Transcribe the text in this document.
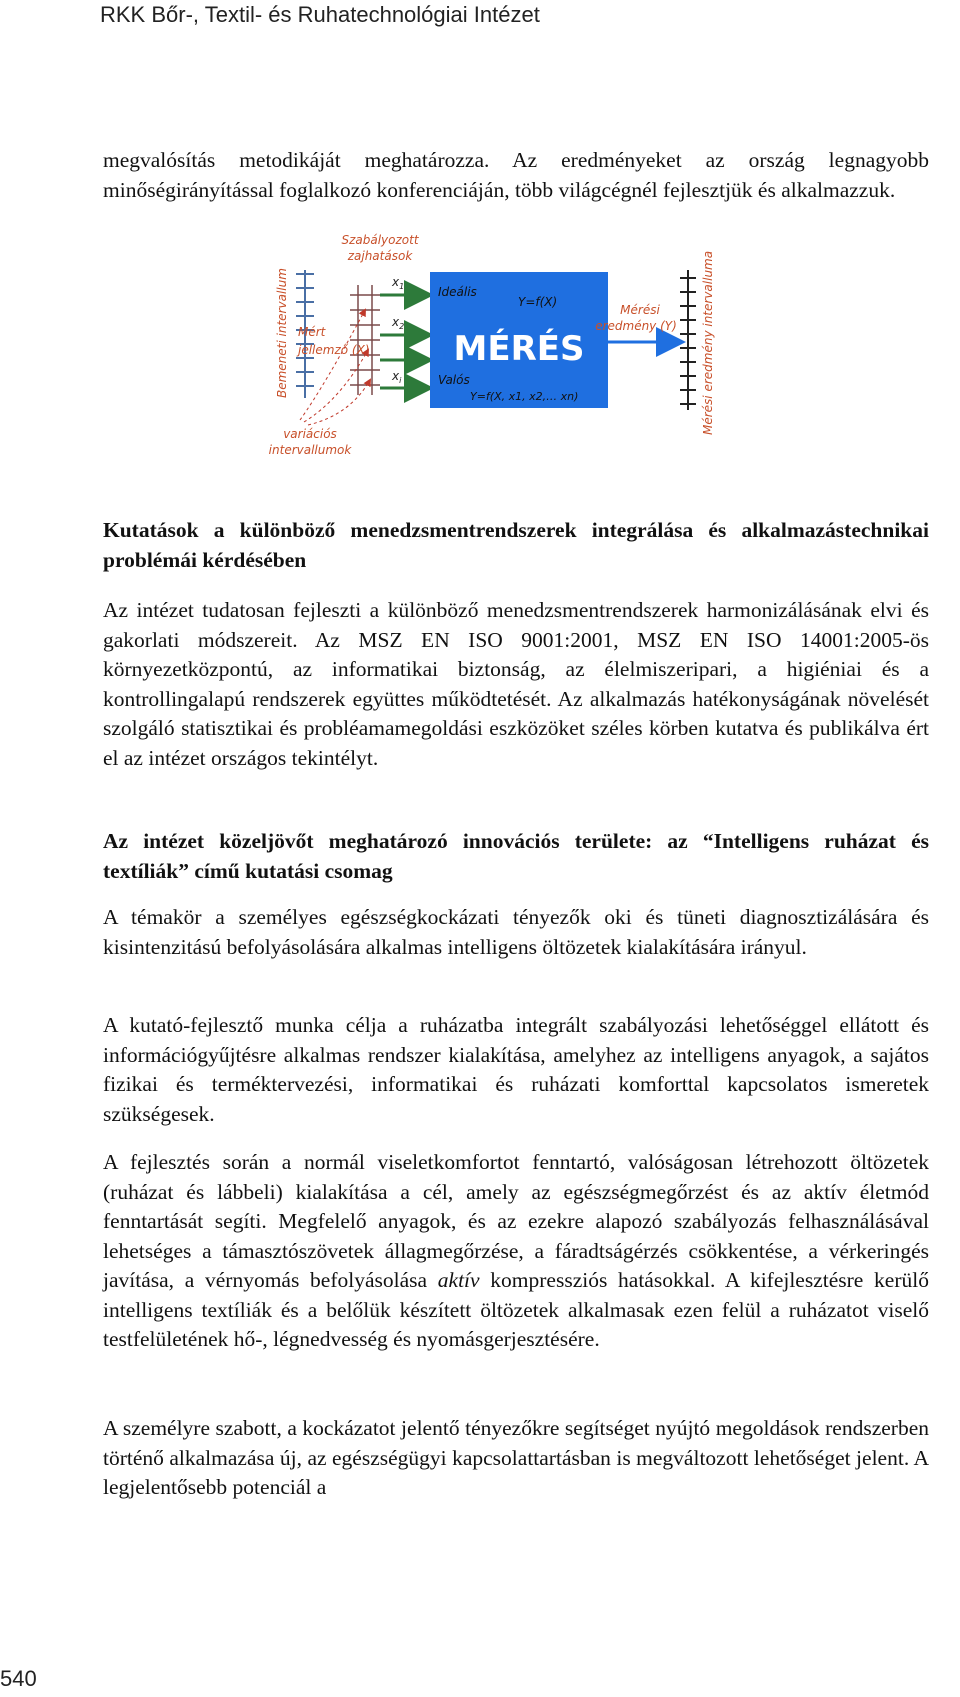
RKK Bőr-, Textil- és Ruhatechnológiai Intézet

megvalósítás metodikáját meghatározza. Az eredményeket az ország legnagyobb minőségirányítással foglalkozó konferenciáján, több világcégnél fejlesztjük és alkalmazzuk.

Bemeneti intervallum
Szabályozott
zajhatások
$x_1$
$x_2$
$x_i$
Mért
jellemző (X)
variációs
intervallumok
Ideális
Y=f(X)
MÉRÉS
Valós
Y=f(X, x1, x2,… xn)
Mérési
eredmény (Y) Mérési eredmény intervalluma

Kutatások a különböző menedzsmentrendszerek integrálása és alkalmazástechnikai problémái kérdésében

Az intézet tudatosan fejleszti a különböző menedzsmentrendszerek harmonizálásának elvi és gakorlati módszereit. Az MSZ EN ISO 9001:2001, MSZ EN ISO 14001:2005-ös környezetközpontú, az informatikai biztonság, az élelmiszeripari, a higiéniai és a kontrollingalapú rendszerek együttes működtetését. Az alkalmazás hatékonyságának növelését szolgáló statisztikai és probléamamegoldási eszközöket széles körben kutatva és publikálva ért el az intézet országos tekintélyt.

Az intézet közeljövőt meghatározó innovációs területe: az “Intelligens ruházat és textíliák” című kutatási csomag

A témakör a személyes egészségkockázati tényezők oki és tüneti diagnosztizálására és kisintenzitású befolyásolására alkalmas intelligens öltözetek kialakítására irányul.

A kutató-fejlesztő munka célja a ruházatba integrált szabályozási lehetőséggel ellátott és információgyűjtésre alkalmas rendszer kialakítása, amelyhez az intelligens anyagok, a sajátos fizikai és terméktervezési, informatikai és ruházati komforttal kapcsolatos ismeretek szükségesek.

A fejlesztés során a normál viseletkomfortot fenntartó, valóságosan létrehozott öltözetek (ruházat és lábbeli) kialakítása a cél, amely az egészségmegőrzést és az aktív életmód fenntartását segíti. Megfelelő anyagok, és az ezekre alapozó szabályozás felhasználásával lehetséges a támasztószövetek állagmegőrzése, a fáradtságérzés csökkentése, a vérkeringés javítása, a vérnyomás befolyásolása aktív kompressziós hatásokkal. A kifejlesztésre kerülő intelligens textíliák és a belőlük készített öltözetek alkalmasak ezen felül a ruházatot viselő testfelületének hő-, légnedvesség és nyomásgerjesztésére.

A személyre szabott, a kockázatot jelentő tényezőkre segítséget nyújtó megoldások rendszerben történő alkalmazása új, az egészségügyi kapcsolattartásban is megváltozott lehetőséget jelent. A legjelentősebb potenciál a

540
